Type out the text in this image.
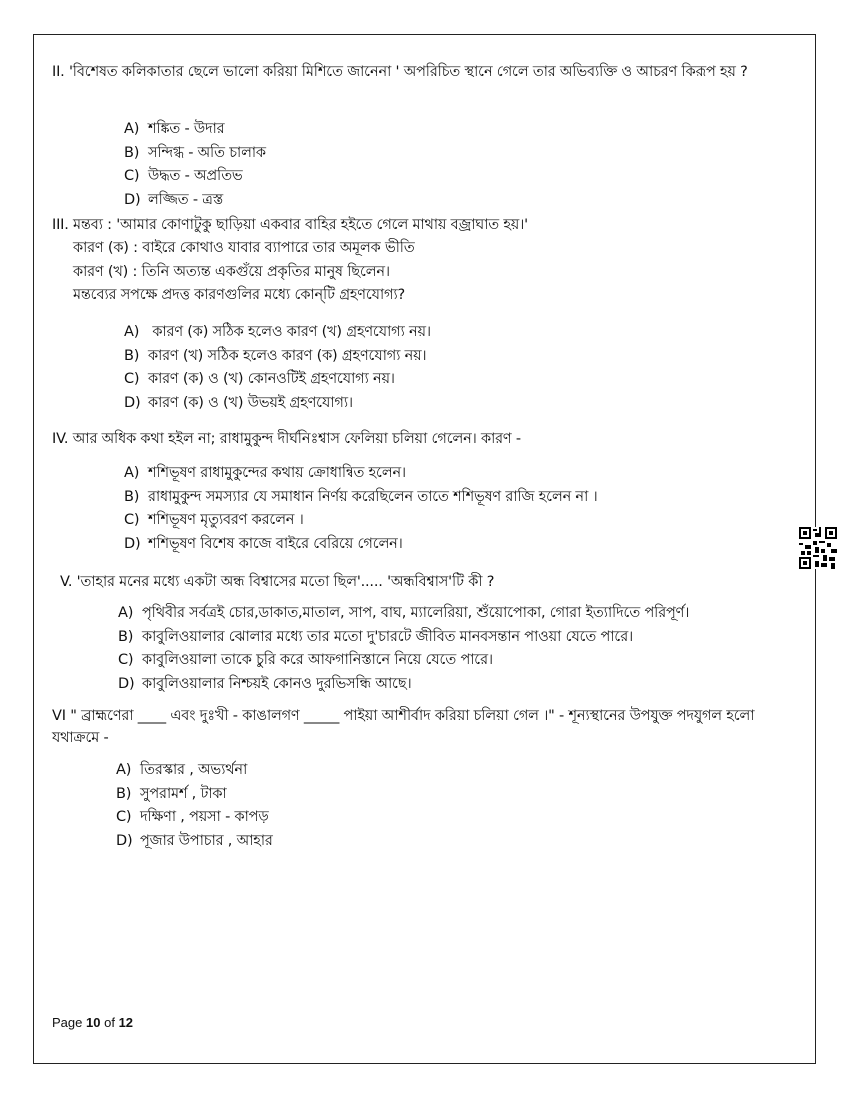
II. 'বিশেষত কলিকাতার ছেলে ভালো করিয়া মিশিতে জানেনা ' অপরিচিত স্থানে গেলে তার অভিব্যক্তি ও আচরণ কিরূপ হয় ?

A) শঙ্কিত - উদার
B) সন্দিগ্ধ - অতি চালাক
C) উদ্ধত - অপ্রতিভ
D) লজ্জিত - ত্রস্ত

III. মন্তব্য : 'আমার কোণাটুকু ছাড়িয়া একবার বাহির হইতে গেলে মাথায় বজ্রাঘাত হয়।'

কারণ (ক) : বাইরে কোথাও যাবার ব্যাপারে তার অমূলক ভীতি
কারণ (খ) : তিনি অত্যন্ত একগুঁয়ে প্রকৃতির মানুষ ছিলেন।
মন্তব্যের সপক্ষে প্রদত্ত কারণগুলির মধ্যে কোন্‌টি গ্রহণযোগ্য?
A) কারণ (ক) সঠিক হলেও কারণ (খ) গ্রহণযোগ্য নয়।
B) কারণ (খ) সঠিক হলেও কারণ (ক) গ্রহণযোগ্য নয়।
C) কারণ (ক) ও (খ) কোনওটিই গ্রহণযোগ্য নয়।
D) কারণ (ক) ও (খ) উভয়ই গ্রহণযোগ্য।

IV. আর অধিক কথা হইল না; রাধামুকুন্দ দীর্ঘনিঃশ্বাস ফেলিয়া চলিয়া গেলেন। কারণ -

A) শশিভূষণ রাধামুকুন্দের কথায় ক্রোধান্বিত হলেন।
B) রাধামুকুন্দ সমস্যার যে সমাধান নির্ণয় করেছিলেন তাতে শশিভূষণ রাজি হলেন না ।
C) শশিভূষণ মৃত্যুবরণ করলেন ।
D) শশিভূষণ বিশেষ কাজে বাইরে বেরিয়ে গেলেন।

V. 'তাহার মনের মধ্যে একটা অন্ধ বিশ্বাসের মতো ছিল'..... 'অন্ধবিশ্বাস'টি কী ?

A) পৃথিবীর সর্বত্রই চোর,ডাকাত,মাতাল, সাপ, বাঘ, ম্যালেরিয়া, শুঁয়োপোকা, গোরা ইত্যাদিতে পরিপূর্ণ।
B) কাবুলিওয়ালার ঝোলার মধ্যে তার মতো দু'চারটে জীবিত মানবসন্তান পাওয়া যেতে পারে।
C) কাবুলিওয়ালা তাকে চুরি করে আফগানিস্তানে নিয়ে যেতে পারে।
D) কাবুলিওয়ালার নিশ্চয়ই কোনও দুরভিসন্ধি আছে।

VI " ব্রাহ্মণেরা ____ এবং দুঃখী - কাঙালগণ _____ পাইয়া আশীর্বাদ করিয়া চলিয়া গেল ।" - শূন্যস্থানের উপযুক্ত পদযুগল হলো যথাক্রমে -

A) তিরস্কার , অভ্যর্থনা
B) সুপরামর্শ , টাকা
C) দক্ষিণা , পয়সা - কাপড়
D) পূজার উপাচার , আহার
Page 10 of 12
